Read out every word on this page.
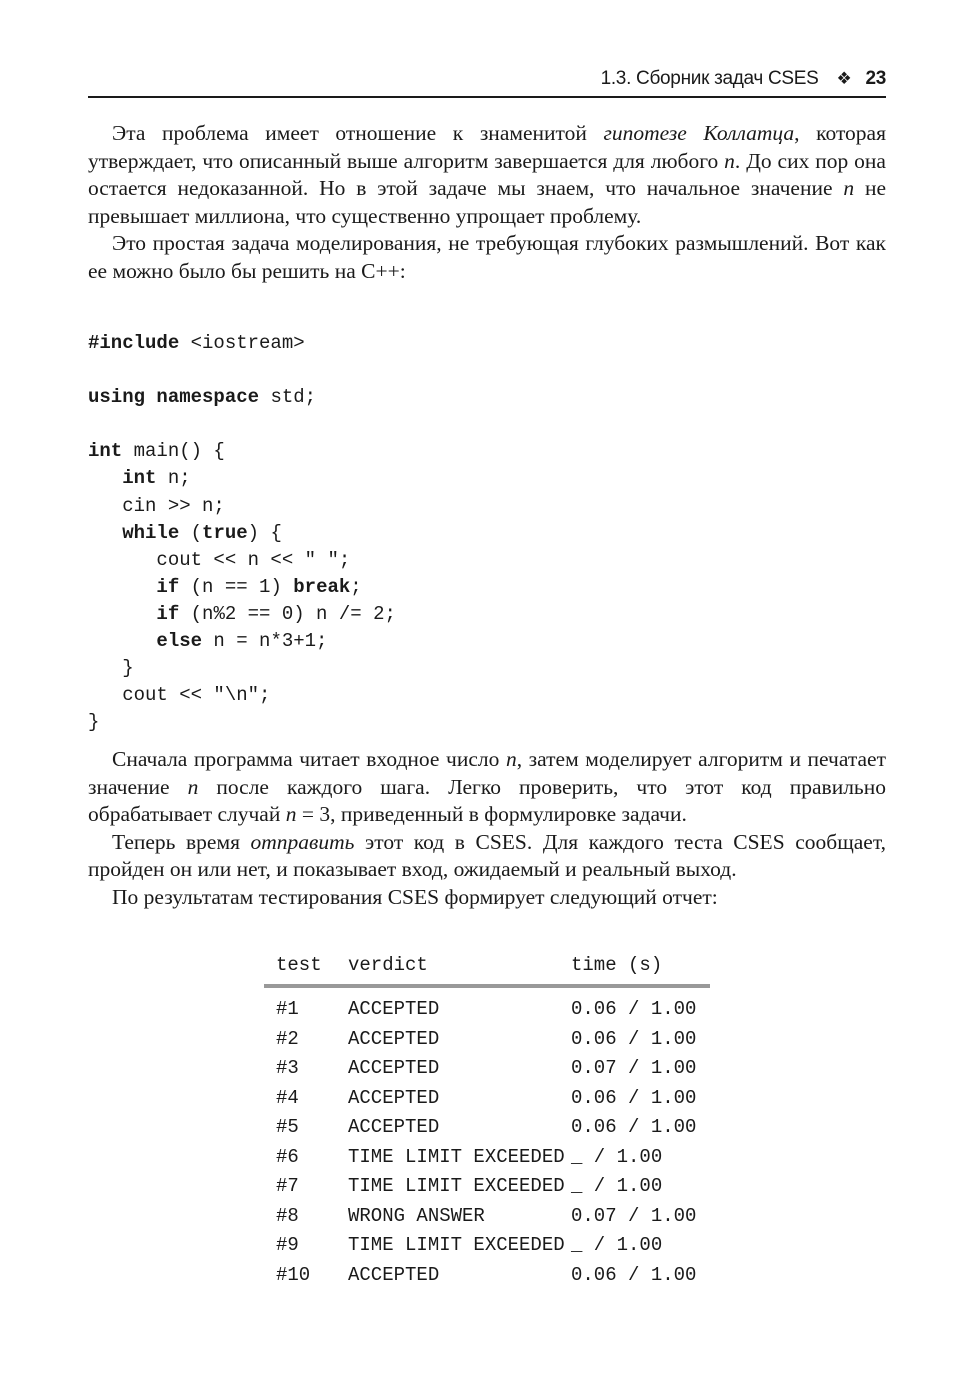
1.3. Сборник задач CSES ❖ 23

Эта проблема имеет отношение к знаменитой гипотезе Коллатца, которая утверждает, что описанный выше алгоритм завершается для любого n. До сих пор она остается недоказанной. Но в этой задаче мы знаем, что начальное значение n не превышает миллиона, что существенно упрощает проблему.

Это простая задача моделирования, не требующая глубоких размышлений. Вот как ее можно было бы решить на C++:

#include <iostream>

using namespace std;

int main() {
int n;
cin >> n;
while (true) {
cout << n << " ";
if (n == 1) break;
if (n%2 == 0) n /= 2;
else n = n*3+1;
}
cout << "\n";
}

Сначала программа читает входное число n, затем моделирует алгоритм и печатает значение n после каждого шага. Легко проверить, что этот код правильно обрабатывает случай n = 3, приведенный в формулировке задачи.

Теперь время отправить этот код в CSES. Для каждого теста CSES сообщает, пройден он или нет, и показывает вход, ожидаемый и реальный выход.

По результатам тестирования CSES формирует следующий отчет:

test verdict	time (s)
#1	ACCEPTED	0.06 / 1.00
#2	ACCEPTED	0.06 / 1.00
#3	ACCEPTED	0.07 / 1.00
#4	ACCEPTED	0.06 / 1.00
#5	ACCEPTED	0.06 / 1.00
#6	TIME LIMIT EXCEEDED _ / 1.00
#7	TIME LIMIT EXCEEDED _ / 1.00
#8	WRONG ANSWER	0.07 / 1.00
#9	TIME LIMIT EXCEEDED _ / 1.00
#10 ACCEPTED	0.06 / 1.00
